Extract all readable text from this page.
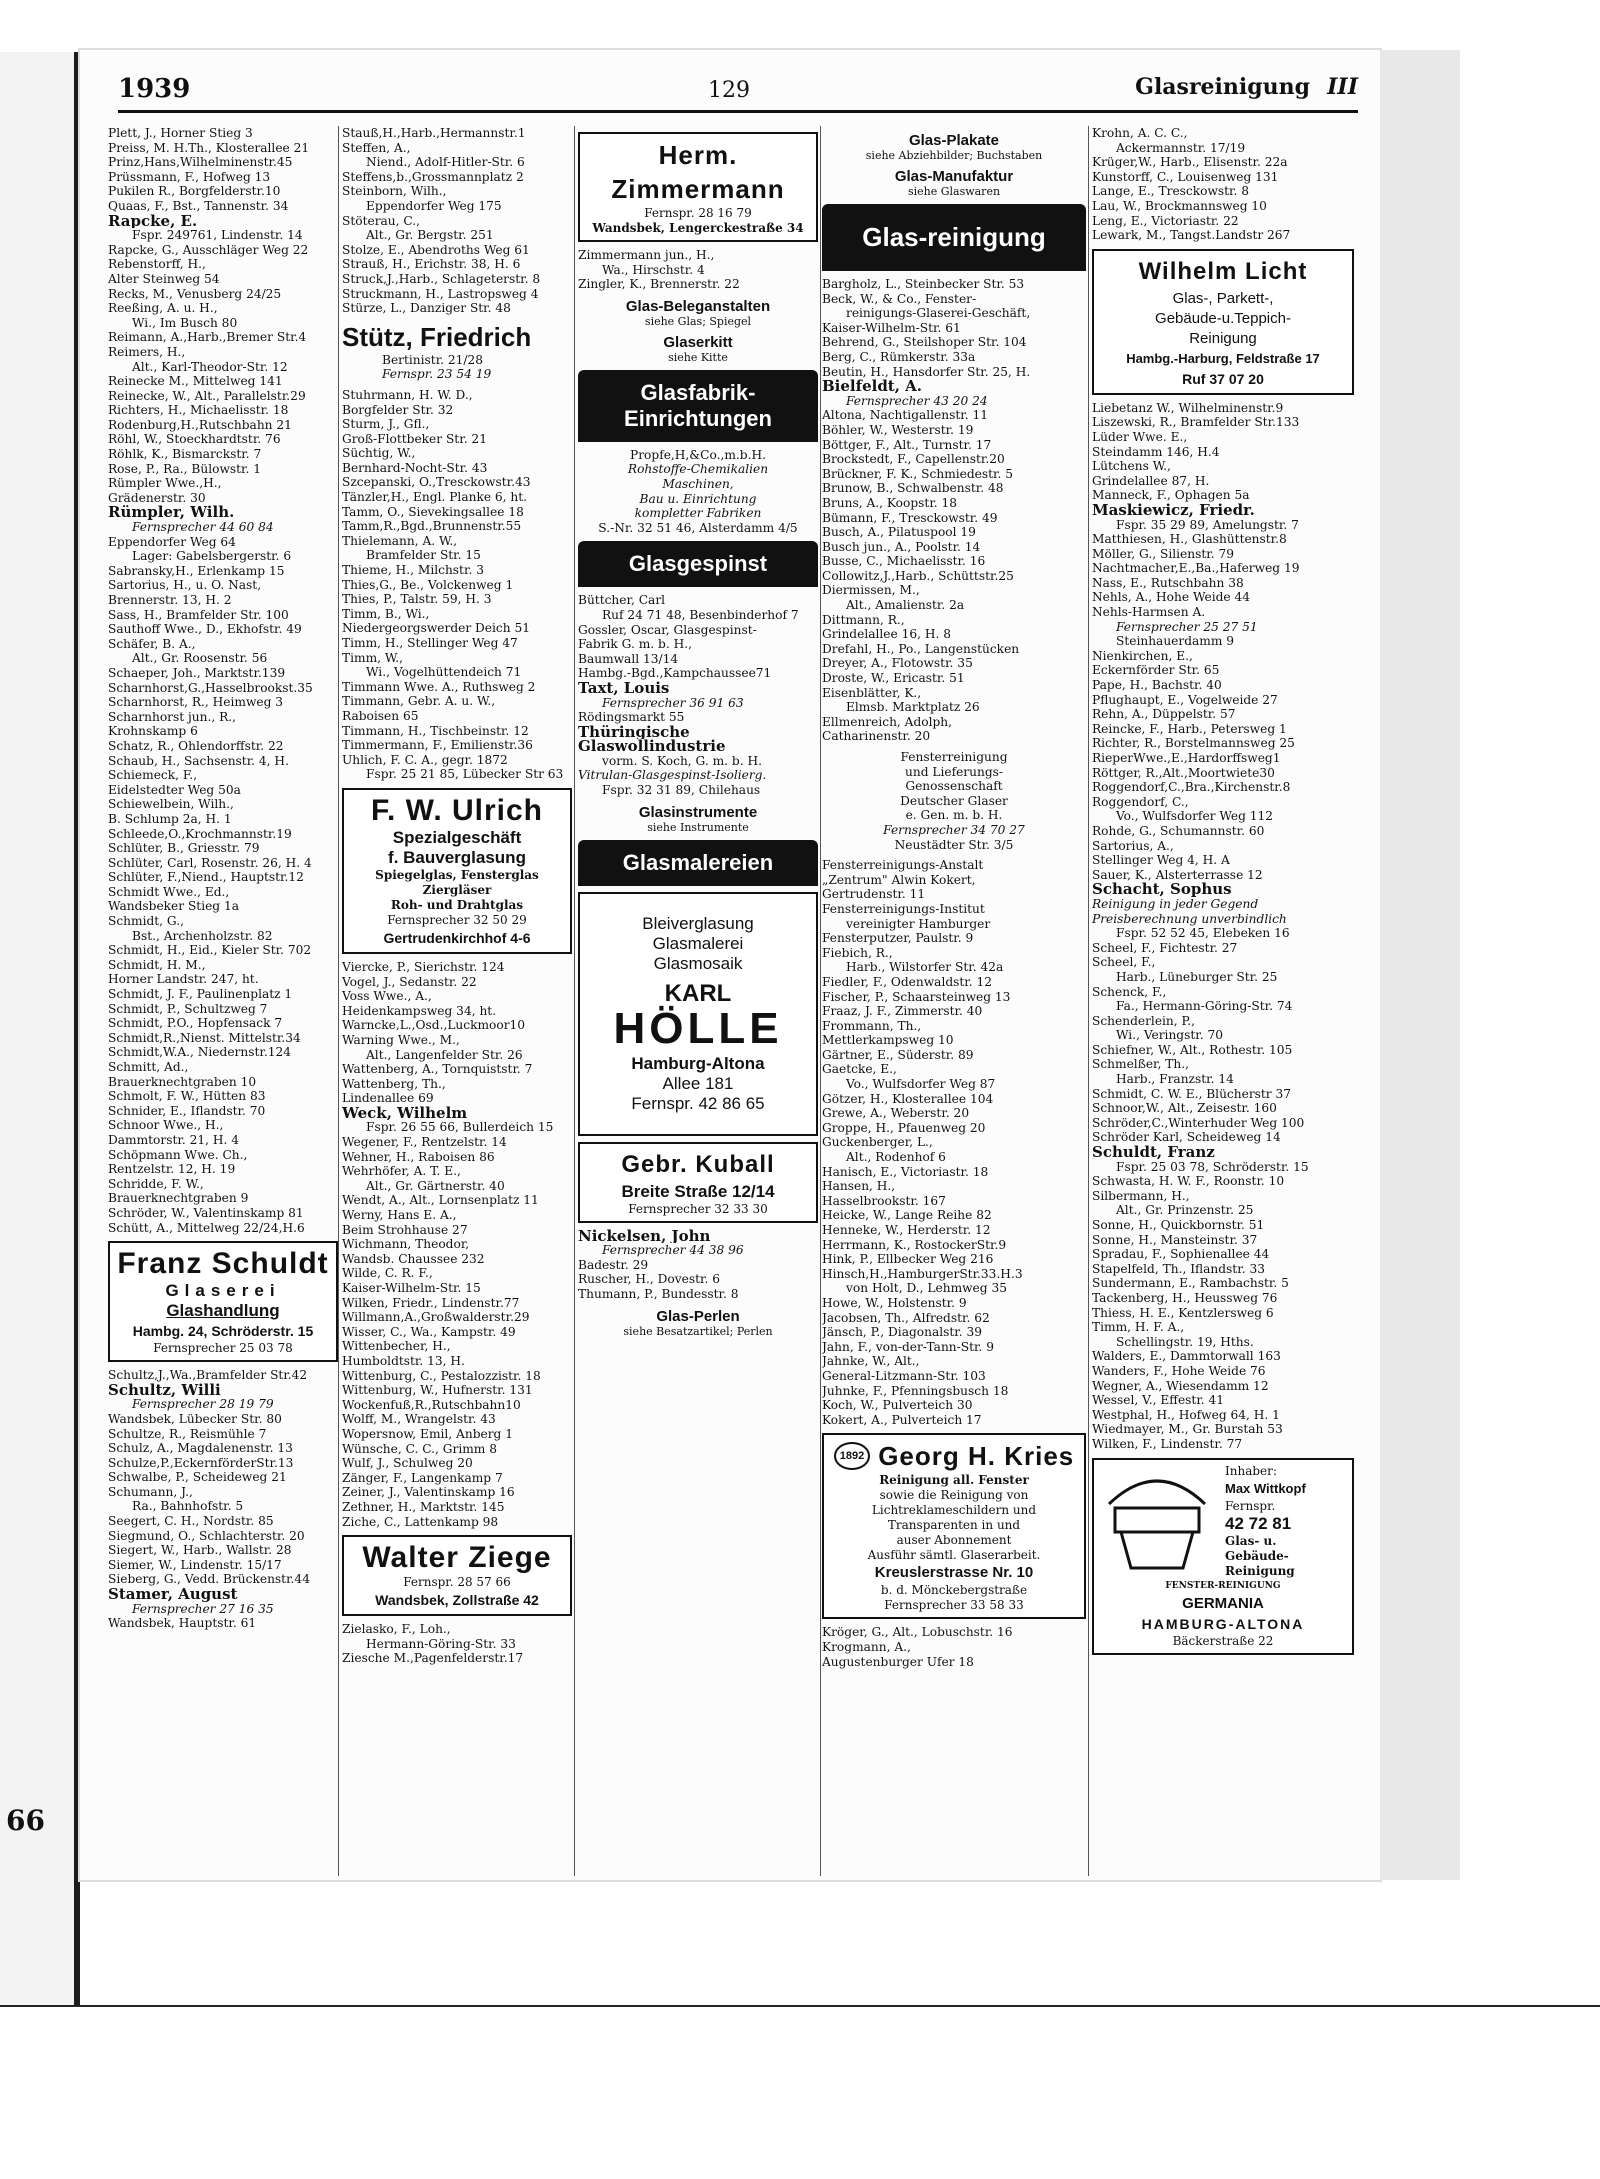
66
1939	129	Glasreinigung III

Plett, J., Horner Stieg 3

Preiss, M. H.Th., Klosterallee 21

Prinz,Hans,Wilhelminenstr.45

Prüssmann, F., Hofweg 13

Pukilen R., Borgfelderstr.10

Quaas, F., Bst., Tannenstr. 34

Rapcke, E.

Fspr. 249761, Lindenstr. 14

Rapcke, G., Ausschläger Weg 22

Rebenstorff, H.,

Alter Steinweg 54

Recks, M., Venusberg 24/25

Reeßing, A. u. H.,

Wi., Im Busch 80

Reimann, A.,Harb.,Bremer Str.4

Reimers, H.,

Alt., Karl-Theodor-Str. 12

Reinecke M., Mittelweg 141

Reinecke, W., Alt., Parallelstr.29

Richters, H., Michaelisstr. 18

Rodenburg,H.,Rutschbahn 21

Röhl, W., Stoeckhardtstr. 76

Röhlk, K., Bismarckstr. 7

Rose, P., Ra., Bülowstr. 1

Rümpler Wwe.,H.,

Grädenerstr. 30

Rümpler, Wilh.

Fernsprecher 44 60 84

Eppendorfer Weg 64

Lager: Gabelsbergerstr. 6

Sabransky,H., Erlenkamp 15

Sartorius, H., u. O. Nast,

Brennerstr. 13, H. 2

Sass, H., Bramfelder Str. 100

Sauthoff Wwe., D., Ekhofstr. 49

Schäfer, B. A.,

Alt., Gr. Roosenstr. 56

Schaeper, Joh., Marktstr.139

Scharnhorst,G.,Hasselbrookst.35

Scharnhorst, R., Heimweg 3

Scharnhorst jun., R.,

Krohnskamp 6

Schatz, R., Ohlendorffstr. 22

Schaub, H., Sachsenstr. 4, H.

Schiemeck, F.,

Eidelstedter Weg 50a

Schiewelbein, Wilh.,

B. Schlump 2a, H. 1

Schleede,O.,Krochmannstr.19

Schlüter, B., Griesstr. 79

Schlüter, Carl, Rosenstr. 26, H. 4

Schlüter, F.,Niend., Hauptstr.12

Schmidt Wwe., Ed.,

Wandsbeker Stieg 1a

Schmidt, G.,

Bst., Archenholzstr. 82

Schmidt, H., Eid., Kieler Str. 702

Schmidt, H. M.,

Horner Landstr. 247, ht.

Schmidt, J. F., Paulinenplatz 1

Schmidt, P., Schultzweg 7

Schmidt, P.O., Hopfensack 7

Schmidt,R.,Nienst. Mittelstr.34

Schmidt,W.A., Niedernstr.124

Schmitt, Ad.,

Brauerknechtgraben 10

Schmolt, F. W., Hütten 83

Schnider, E., Iflandstr. 70

Schnoor Wwe., H.,

Dammtorstr. 21, H. 4

Schöpmann Wwe. Ch.,

Rentzelstr. 12, H. 19

Schridde, F. W.,

Brauerknechtgraben 9

Schröder, W., Valentinskamp 81

Schütt, A., Mittelweg 22/24,H.6

Franz Schuldt
Glaserei
Glashandlung
Hambg. 24, Schröderstr. 15
Fernsprecher 25 03 78

Schultz,J.,Wa.,Bramfelder Str.42

Schultz, Willi

Fernsprecher 28 19 79

Wandsbek, Lübecker Str. 80

Schultze, R., Reismühle 7

Schulz, A., Magdalenenstr. 13

Schulze,P.,EckernförderStr.13

Schwalbe, P., Scheideweg 21

Schumann, J.,

Ra., Bahnhofstr. 5

Seegert, C. H., Nordstr. 85

Siegmund, O., Schlachterstr. 20

Siegert, W., Harb., Wallstr. 28

Siemer, W., Lindenstr. 15/17

Sieberg, G., Vedd. Brückenstr.44

Stamer, August

Fernsprecher 27 16 35

Wandsbek, Hauptstr. 61

Stauß,H.,Harb.,Hermannstr.1

Steffen, A.,

Niend., Adolf-Hitler-Str. 6

Steffens,b.,Grossmannplatz 2

Steinborn, Wilh.,

Eppendorfer Weg 175

Stöterau, C.,

Alt., Gr. Bergstr. 251

Stolze, E., Abendroths Weg 61

Strauß, H., Erichstr. 38, H. 6

Struck,J.,Harb., Schlageterstr. 8

Struckmann, H., Lastropsweg 4

Stürze, L., Danziger Str. 48

Stütz, Friedrich

Bertinistr. 21/28

Fernspr. 23 54 19

Stuhrmann, H. W. D.,

Borgfelder Str. 32

Sturm, J., Gfl.,

Groß-Flottbeker Str. 21

Süchtig, W.,

Bernhard-Nocht-Str. 43

Szcepanski, O.,Tresckowstr.43

Tänzler,H., Engl. Planke 6, ht.

Tamm, O., Sievekingsallee 18

Tamm,R.,Bgd.,Brunnenstr.55

Thielemann, A. W.,

Bramfelder Str. 15

Thieme, H., Milchstr. 3

Thies,G., Be., Volckenweg 1

Thies, P., Talstr. 59, H. 3

Timm, B., Wi.,

Niedergeorgswerder Deich 51

Timm, H., Stellinger Weg 47

Timm, W.,

Wi., Vogelhüttendeich 71

Timmann Wwe. A., Ruthsweg 2

Timmann, Gebr. A. u. W.,

Raboisen 65

Timmann, H., Tischbeinstr. 12

Timmermann, F., Emilienstr.36

Uhlich, F. C. A., gegr. 1872

Fspr. 25 21 85, Lübecker Str 63

F. W. Ulrich
Spezialgeschäft
f. Bauverglasung
Spiegelglas, Fensterglas
Ziergläser
Roh- und Drahtglas
Fernsprecher 32 50 29
Gertrudenkirchhof 4-6

Viercke, P., Sierichstr. 124

Vogel, J., Sedanstr. 22

Voss Wwe., A.,

Heidenkampsweg 34, ht.

Warncke,L.,Osd.,Luckmoor10

Warning Wwe., M.,

Alt., Langenfelder Str. 26

Wattenberg, A., Tornquiststr. 7

Wattenberg, Th.,

Lindenallee 69

Weck, Wilhelm

Fspr. 26 55 66, Bullerdeich 15

Wegener, F., Rentzelstr. 14

Wehner, H., Raboisen 86

Wehrhöfer, A. T. E.,

Alt., Gr. Gärtnerstr. 40

Wendt, A., Alt., Lornsenplatz 11

Werny, Hans E. A.,

Beim Strohhause 27

Wichmann, Theodor,

Wandsb. Chaussee 232

Wilde, C. R. F.,

Kaiser-Wilhelm-Str. 15

Wilken, Friedr., Lindenstr.77

Willmann,A.,Großwalderstr.29

Wisser, C., Wa., Kampstr. 49

Wittenbecher, H.,

Humboldtstr. 13, H.

Wittenburg, C., Pestalozzistr. 18

Wittenburg, W., Hufnerstr. 131

Wockenfuß,R.,Rutschbahn10

Wolff, M., Wrangelstr. 43

Wopersnow, Emil, Anberg 1

Wünsche, C. C., Grimm 8

Wulf, J., Schulweg 20

Zänger, F., Langenkamp 7

Zeiner, J., Valentinskamp 16

Zethner, H., Marktstr. 145

Ziche, C., Lattenkamp 98

Walter Ziege
Fernspr. 28 57 66
Wandsbek, Zollstraße 42

Zielasko, F., Loh.,

Hermann-Göring-Str. 33

Ziesche M.,Pagenfelderstr.17

Herm. Zimmermann
Fernspr. 28 16 79
Wandsbek, Lengerckestraße 34

Zimmermann jun., H.,

Wa., Hirschstr. 4

Zingler, K., Brennerstr. 22

Glas-Beleganstalten
siehe Glas; Spiegel
Glaserkitt
siehe Kitte
Glasfabrik-Einrichtungen
Propfe,H,&Co.,m.b.H.
Rohstoffe-Chemikalien
Maschinen,
Bau u. Einrichtung
kompletter Fabriken
S.-Nr. 32 51 46, Alsterdamm 4/5
Glasgespinst

Büttcher, Carl

Ruf 24 71 48, Besenbinderhof 7

Gossler, Oscar, Glasgespinst-

Fabrik G. m. b. H.,

Baumwall 13/14

Hambg.-Bgd.,Kampchaussee71

Taxt, Louis

Fernsprecher 36 91 63

Rödingsmarkt 55

Thüringische

Glaswollindustrie

vorm. S. Koch, G. m. b. H.

Vitrulan-Glasgespinst-Isolierg.

Fspr. 32 31 89, Chilehaus

Glasinstrumente
siehe Instrumente
Glasmalereien
Bleiverglasung
Glasmalerei
Glasmosaik
KARL
HÖLLE
Hamburg-Altona
Allee 181
Fernspr. 42 86 65
Gebr. Kuball
Breite Straße 12/14
Fernsprecher 32 33 30

Nickelsen, John

Fernsprecher 44 38 96

Badestr. 29

Ruscher, H., Dovestr. 6

Thumann, P., Bundesstr. 8

Glas-Perlen
siehe Besatzartikel; Perlen
Glas-Plakate
siehe Abziehbilder; Buchstaben
Glas-Manufaktur
siehe Glaswaren
Glas-reinigung

Bargholz, L., Steinbecker Str. 53

Beck, W., & Co., Fenster-

reinigungs-Glaserei-Geschäft,

Kaiser-Wilhelm-Str. 61

Behrend, G., Steilshoper Str. 104

Berg, C., Rümkerstr. 33a

Beutin, H., Hansdorfer Str. 25, H.

Bielfeldt, A.

Fernsprecher 43 20 24

Altona, Nachtigallenstr. 11

Böhler, W., Westerstr. 19

Böttger, F., Alt., Turnstr. 17

Brockstedt, F., Capellenstr.20

Brückner, F. K., Schmiedestr. 5

Brunow, B., Schwalbenstr. 48

Bruns, A., Koopstr. 18

Bümann, F., Tresckowstr. 49

Busch, A., Pilatuspool 19

Busch jun., A., Poolstr. 14

Busse, C., Michaelisstr. 16

Collowitz,J.,Harb., Schüttstr.25

Diermissen, M.,

Alt., Amalienstr. 2a

Dittmann, R.,

Grindelallee 16, H. 8

Drefahl, H., Po., Langenstücken

Dreyer, A., Flotowstr. 35

Droste, W., Ericastr. 51

Eisenblätter, K.,

Elmsb. Marktplatz 26

Ellmenreich, Adolph,

Catharinenstr. 20

Fensterreinigung
und Lieferungs-
Genossenschaft
Deutscher Glaser
e. Gen. m. b. H.
Fernsprecher 34 70 27
Neustädter Str. 3/5

Fensterreinigungs-Anstalt

„Zentrum" Alwin Kokert,

Gertrudenstr. 11

Fensterreinigungs-Institut

vereinigter Hamburger

Fensterputzer, Paulstr. 9

Fiebich, R.,

Harb., Wilstorfer Str. 42a

Fiedler, F., Odenwaldstr. 12

Fischer, P., Schaarsteinweg 13

Fraaz, J. F., Zimmerstr. 40

Frommann, Th.,

Mettlerkampsweg 10

Gärtner, E., Süderstr. 89

Gaetcke, E.,

Vo., Wulfsdorfer Weg 87

Götzer, H., Klosterallee 104

Grewe, A., Weberstr. 20

Groppe, H., Pfauenweg 20

Guckenberger, L.,

Alt., Rodenhof 6

Hanisch, E., Victoriastr. 18

Hansen, H.,

Hasselbrookstr. 167

Heicke, W., Lange Reihe 82

Henneke, W., Herderstr. 12

Herrmann, K., RostockerStr.9

Hink, P., Ellbecker Weg 216

Hinsch,H.,HamburgerStr.33.H.3

von Holt, D., Lehmweg 35

Howe, W., Holstenstr. 9

Jacobsen, Th., Alfredstr. 62

Jänsch, P., Diagonalstr. 39

Jahn, F., von-der-Tann-Str. 9

Jahnke, W., Alt.,

General-Litzmann-Str. 103

Juhnke, F., Pfenningsbusch 18

Koch, W., Pulverteich 30

Kokert, A., Pulverteich 17

1892 Georg H. Kries
Reinigung all. Fenster
sowie die Reinigung von
Lichtreklameschildern und
Transparenten in und
auser Abonnement
Ausführ sämtl. Glaserarbeit.
Kreuslerstrasse Nr. 10
b. d. Mönckebergstraße
Fernsprecher 33 58 33

Kröger, G., Alt., Lobuschstr. 16

Krogmann, A.,

Augustenburger Ufer 18

Krohn, A. C. C.,

Ackermannstr. 17/19

Krüger,W., Harb., Elisenstr. 22a

Kunstorff, C., Louisenweg 131

Lange, E., Tresckowstr. 8

Lau, W., Brockmannsweg 10

Leng, E., Victoriastr. 22

Lewark, M., Tangst.Landstr 267

Wilhelm Licht
Glas-, Parkett-,
Gebäude-u.Teppich-
Reinigung
Hambg.-Harburg, Feldstraße 17
Ruf 37 07 20

Liebetanz W., Wilhelminenstr.9

Liszewski, R., Bramfelder Str.133

Lüder Wwe. E.,

Steindamm 146, H.4

Lütchens W.,

Grindelallee 87, H.

Manneck, F., Ophagen 5a

Maskiewicz, Friedr.

Fspr. 35 29 89, Amelungstr. 7

Matthiesen, H., Glashüttenstr.8

Möller, G., Silienstr. 79

Nachtmacher,E.,Ba.,Haferweg 19

Nass, E., Rutschbahn 38

Nehls, A., Hohe Weide 44

Nehls-Harmsen A.

Fernsprecher 25 27 51

Steinhauerdamm 9

Nienkirchen, E.,

Eckernförder Str. 65

Pape, H., Bachstr. 40

Pflughaupt, E., Vogelweide 27

Rehn, A., Düppelstr. 57

Reincke, F., Harb., Petersweg 1

Richter, R., Borstelmannsweg 25

RieperWwe.,E.,Hardorffsweg1

Röttger, R.,Alt.,Moortwiete30

Roggendorf,C.,Bra.,Kirchenstr.8

Roggendorf, C.,

Vo., Wulfsdorfer Weg 112

Rohde, G., Schumannstr. 60

Sartorius, A.,

Stellinger Weg 4, H. A

Sauer, K., Alsterterrasse 12

Schacht, Sophus

Reinigung in jeder Gegend

Preisberechnung unverbindlich

Fspr. 52 52 45, Elebeken 16

Scheel, F., Fichtestr. 27

Scheel, F.,

Harb., Lüneburger Str. 25

Schenck, F.,

Fa., Hermann-Göring-Str. 74

Schenderlein, P.,

Wi., Veringstr. 70

Schiefner, W., Alt., Rothestr. 105

Schmelßer, Th.,

Harb., Franzstr. 14

Schmidt, C. W. E., Blücherstr 37

Schnoor,W., Alt., Zeisestr. 160

Schröder,C.,Winterhuder Weg 100

Schröder Karl, Scheideweg 14

Schuldt, Franz

Fspr. 25 03 78, Schröderstr. 15

Schwasta, H. W. F., Roonstr. 10

Silbermann, H.,

Alt., Gr. Prinzenstr. 25

Sonne, H., Quickbornstr. 51

Sonne, H., Mansteinstr. 37

Spradau, F., Sophienallee 44

Stapelfeld, Th., Iflandstr. 33

Sundermann, E., Rambachstr. 5

Tackenberg, H., Heussweg 76

Thiess, H. E., Kentzlersweg 6

Timm, H. F. A.,

Schellingstr. 19, Hths.

Walders, E., Dammtorwall 163

Wanders, F., Hohe Weide 76

Wegner, A., Wiesendamm 12

Wessel, V., Effestr. 41

Westphal, H., Hofweg 64, H. 1

Wiedmayer, M., Gr. Burstah 53

Wilken, F., Lindenstr. 77

Inhaber:
Max Wittkopf
Fernspr.
42 72 81
Glas- u.
Gebäude-
Reinigung
FENSTER-REINIGUNG
GERMANIA
HAMBURG-ALTONA
Bäckerstraße 22
